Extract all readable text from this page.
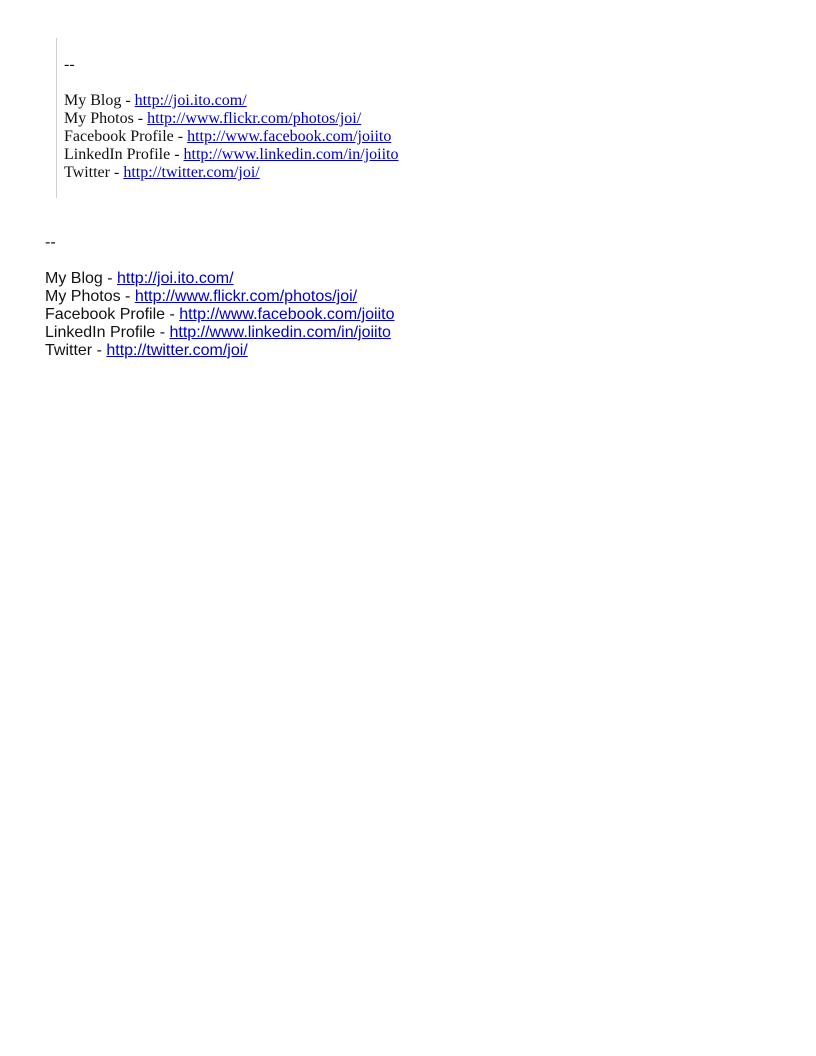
--
My Blog - http://joi.ito.com/
My Photos - http://www.flickr.com/photos/joi/
Facebook Profile - http://www.facebook.com/joiito
LinkedIn Profile - http://www.linkedin.com/in/joiito
Twitter - http://twitter.com/joi/
--
My Blog - http://joi.ito.com/
My Photos - http://www.flickr.com/photos/joi/
Facebook Profile - http://www.facebook.com/joiito
LinkedIn Profile - http://www.linkedin.com/in/joiito
Twitter - http://twitter.com/joi/
